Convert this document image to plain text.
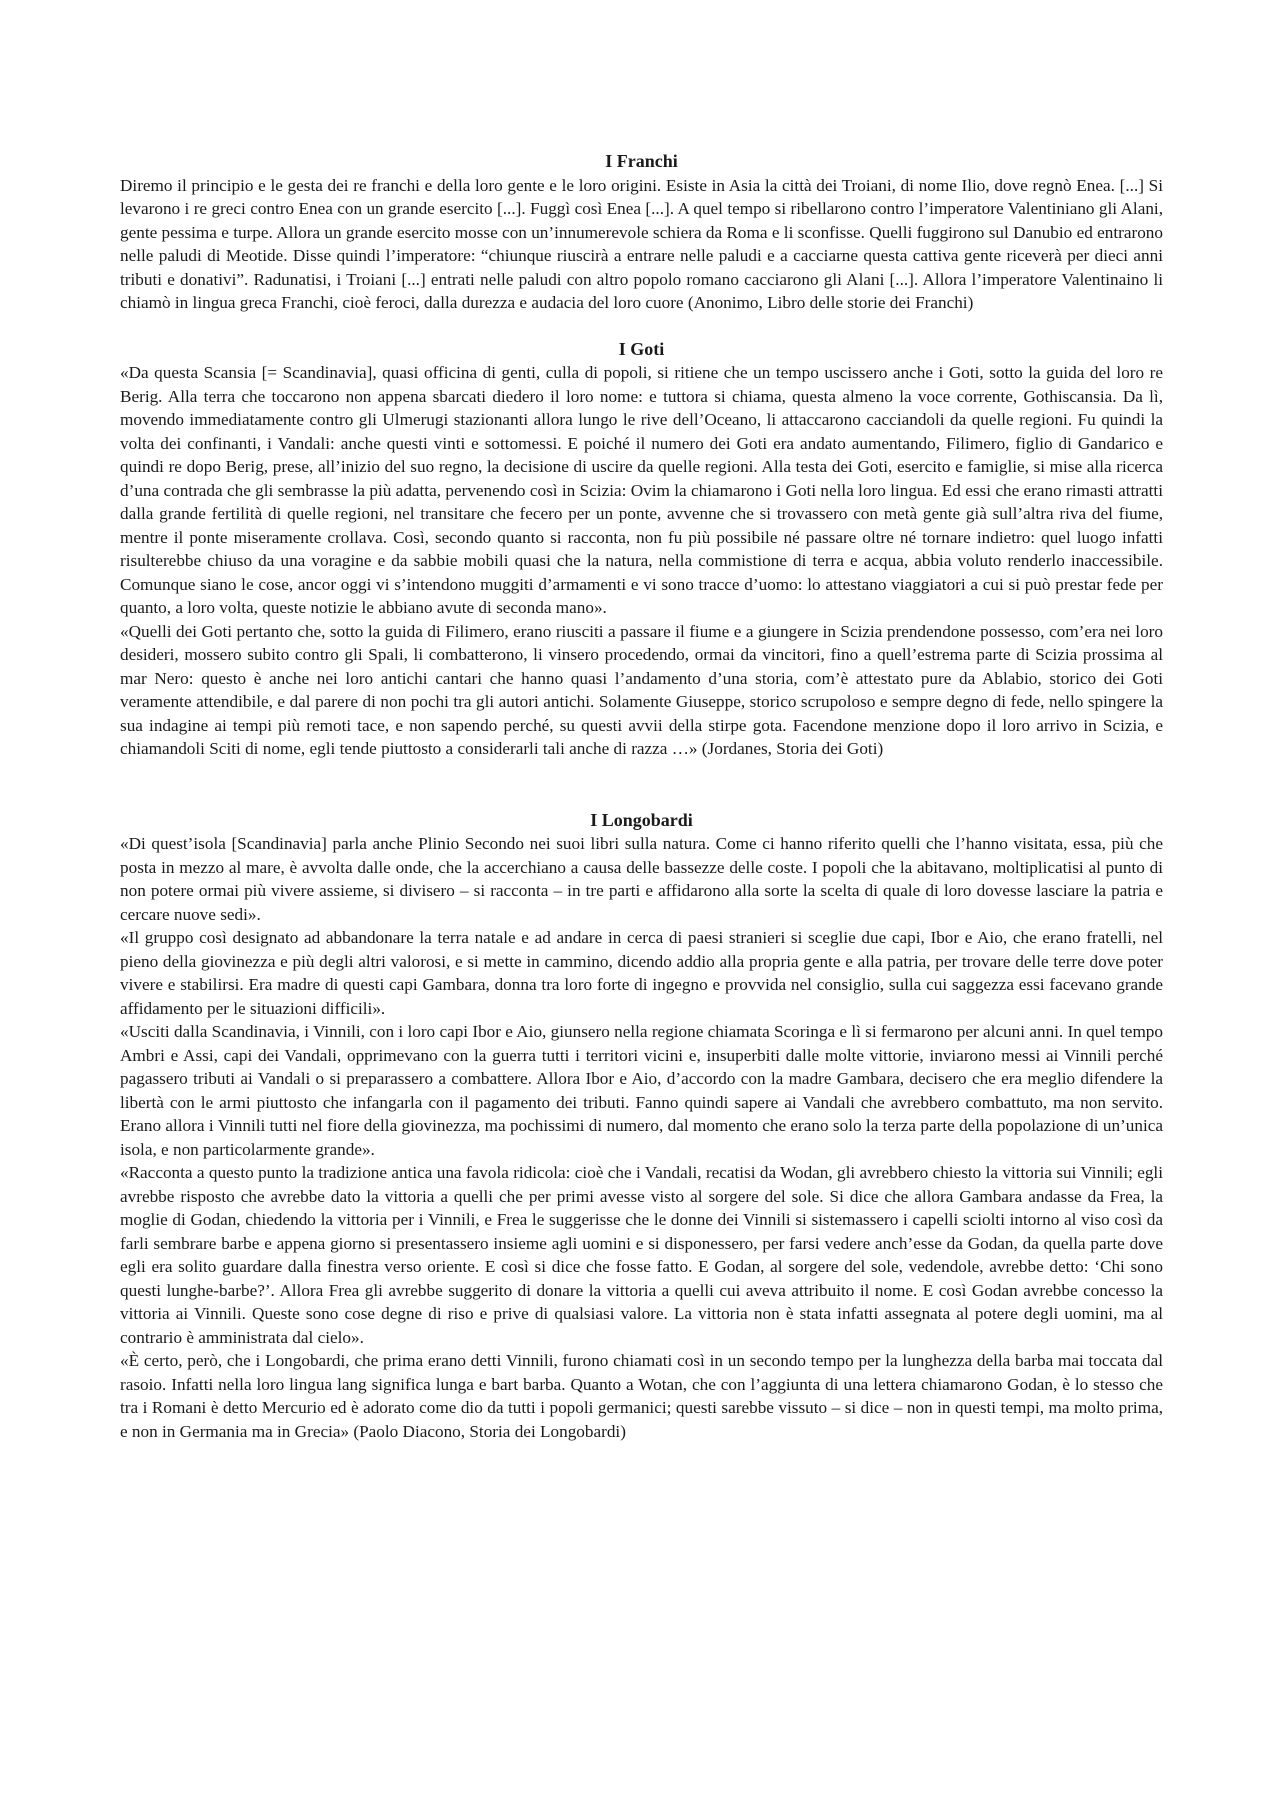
I Franchi

Diremo il principio e le gesta dei re franchi e della loro gente e le loro origini. Esiste in Asia la città dei Troiani, di nome Ilio, dove regnò Enea. [...] Si levarono i re greci contro Enea con un grande esercito [...]. Fuggì così Enea [...]. A quel tempo si ribellarono contro l’imperatore Valentiniano gli Alani, gente pessima e turpe. Allora un grande esercito mosse con un’innumerevole schiera da Roma e li sconfisse. Quelli fuggirono sul Danubio ed entrarono nelle paludi di Meotide. Disse quindi l’imperatore: “chiunque riuscirà a entrare nelle paludi e a cacciarne questa cattiva gente riceverà per dieci anni tributi e donativi”. Radunatisi, i Troiani [...] entrati nelle paludi con altro popolo romano cacciarono gli Alani [...]. Allora l’imperatore Valentinaino li chiamò in lingua greca Franchi, cioè feroci, dalla durezza e audacia del loro cuore (Anonimo, Libro delle storie dei Franchi)

I Goti

«Da questa Scansia [= Scandinavia], quasi officina di genti, culla di popoli, si ritiene che un tempo uscissero anche i Goti, sotto la guida del loro re Berig. Alla terra che toccarono non appena sbarcati diedero il loro nome: e tuttora si chiama, questa almeno la voce corrente, Gothiscansia. Da lì, movendo immediatamente contro gli Ulmerugi stazionanti allora lungo le rive dell’Oceano, li attaccarono cacciandoli da quelle regioni. Fu quindi la volta dei confinanti, i Vandali: anche questi vinti e sottomessi. E poiché il numero dei Goti era andato aumentando, Filimero, figlio di Gandarico e quindi re dopo Berig, prese, all’inizio del suo regno, la decisione di uscire da quelle regioni. Alla testa dei Goti, esercito e famiglie, si mise alla ricerca d’una contrada che gli sembrasse la più adatta, pervenendo così in Scizia: Ovim la chiamarono i Goti nella loro lingua. Ed essi che erano rimasti attratti dalla grande fertilità di quelle regioni, nel transitare che fecero per un ponte, avvenne che si trovassero con metà gente già sull’altra riva del fiume, mentre il ponte miseramente crollava. Così, secondo quanto si racconta, non fu più possibile né passare oltre né tornare indietro: quel luogo infatti risulterebbe chiuso da una voragine e da sabbie mobili quasi che la natura, nella commistione di terra e acqua, abbia voluto renderlo inaccessibile. Comunque siano le cose, ancor oggi vi s’intendono muggiti d’armamenti e vi sono tracce d’uomo: lo attestano viaggiatori a cui si può prestar fede per quanto, a loro volta, queste notizie le abbiano avute di seconda mano».

«Quelli dei Goti pertanto che, sotto la guida di Filimero, erano riusciti a passare il fiume e a giungere in Scizia prendendone possesso, com’era nei loro desideri, mossero subito contro gli Spali, li combatterono, li vinsero procedendo, ormai da vincitori, fino a quell’estrema parte di Scizia prossima al mar Nero: questo è anche nei loro antichi cantari che hanno quasi l’andamento d’una storia, com’è attestato pure da Ablabio, storico dei Goti veramente attendibile, e dal parere di non pochi tra gli autori antichi. Solamente Giuseppe, storico scrupoloso e sempre degno di fede, nello spingere la sua indagine ai tempi più remoti tace, e non sapendo perché, su questi avvii della stirpe gota. Facendone menzione dopo il loro arrivo in Scizia, e chiamandoli Sciti di nome, egli tende piuttosto a considerarli tali anche di razza …» (Jordanes, Storia dei Goti)

I Longobardi

«Di quest’isola [Scandinavia] parla anche Plinio Secondo nei suoi libri sulla natura. Come ci hanno riferito quelli che l’hanno visitata, essa, più che posta in mezzo al mare, è avvolta dalle onde, che la accerchiano a causa delle bassezze delle coste. I popoli che la abitavano, moltiplicatisi al punto di non potere ormai più vivere assieme, si divisero – si racconta – in tre parti e affidarono alla sorte la scelta di quale di loro dovesse lasciare la patria e cercare nuove sedi».

«Il gruppo così designato ad abbandonare la terra natale e ad andare in cerca di paesi stranieri si sceglie due capi, Ibor e Aio, che erano fratelli, nel pieno della giovinezza e più degli altri valorosi, e si mette in cammino, dicendo addio alla propria gente e alla patria, per trovare delle terre dove poter vivere e stabilirsi. Era madre di questi capi Gambara, donna tra loro forte di ingegno e provvida nel consiglio, sulla cui saggezza essi facevano grande affidamento per le situazioni difficili».

«Usciti dalla Scandinavia, i Vinnili, con i loro capi Ibor e Aio, giunsero nella regione chiamata Scoringa e lì si fermarono per alcuni anni. In quel tempo Ambri e Assi, capi dei Vandali, opprimevano con la guerra tutti i territori vicini e, insuperbiti dalle molte vittorie, inviarono messi ai Vinnili perché pagassero tributi ai Vandali o si preparassero a combattere. Allora Ibor e Aio, d’accordo con la madre Gambara, decisero che era meglio difendere la libertà con le armi piuttosto che infangarla con il pagamento dei tributi. Fanno quindi sapere ai Vandali che avrebbero combattuto, ma non servito. Erano allora i Vinnili tutti nel fiore della giovinezza, ma pochissimi di numero, dal momento che erano solo la terza parte della popolazione di un’unica isola, e non particolarmente grande».

«Racconta a questo punto la tradizione antica una favola ridicola: cioè che i Vandali, recatisi da Wodan, gli avrebbero chiesto la vittoria sui Vinnili; egli avrebbe risposto che avrebbe dato la vittoria a quelli che per primi avesse visto al sorgere del sole. Si dice che allora Gambara andasse da Frea, la moglie di Godan, chiedendo la vittoria per i Vinnili, e Frea le suggerisse che le donne dei Vinnili si sistemassero i capelli sciolti intorno al viso così da farli sembrare barbe e appena giorno si presentassero insieme agli uomini e si disponessero, per farsi vedere anch’esse da Godan, da quella parte dove egli era solito guardare dalla finestra verso oriente. E così si dice che fosse fatto. E Godan, al sorgere del sole, vedendole, avrebbe detto: ‘Chi sono questi lunghe-barbe?’. Allora Frea gli avrebbe suggerito di donare la vittoria a quelli cui aveva attribuito il nome. E così Godan avrebbe concesso la vittoria ai Vinnili. Queste sono cose degne di riso e prive di qualsiasi valore. La vittoria non è stata infatti assegnata al potere degli uomini, ma al contrario è amministrata dal cielo».

«È certo, però, che i Longobardi, che prima erano detti Vinnili, furono chiamati così in un secondo tempo per la lunghezza della barba mai toccata dal rasoio. Infatti nella loro lingua lang significa lunga e bart barba. Quanto a Wotan, che con l’aggiunta di una lettera chiamarono Godan, è lo stesso che tra i Romani è detto Mercurio ed è adorato come dio da tutti i popoli germanici; questi sarebbe vissuto – si dice – non in questi tempi, ma molto prima, e non in Germania ma in Grecia» (Paolo Diacono, Storia dei Longobardi)
